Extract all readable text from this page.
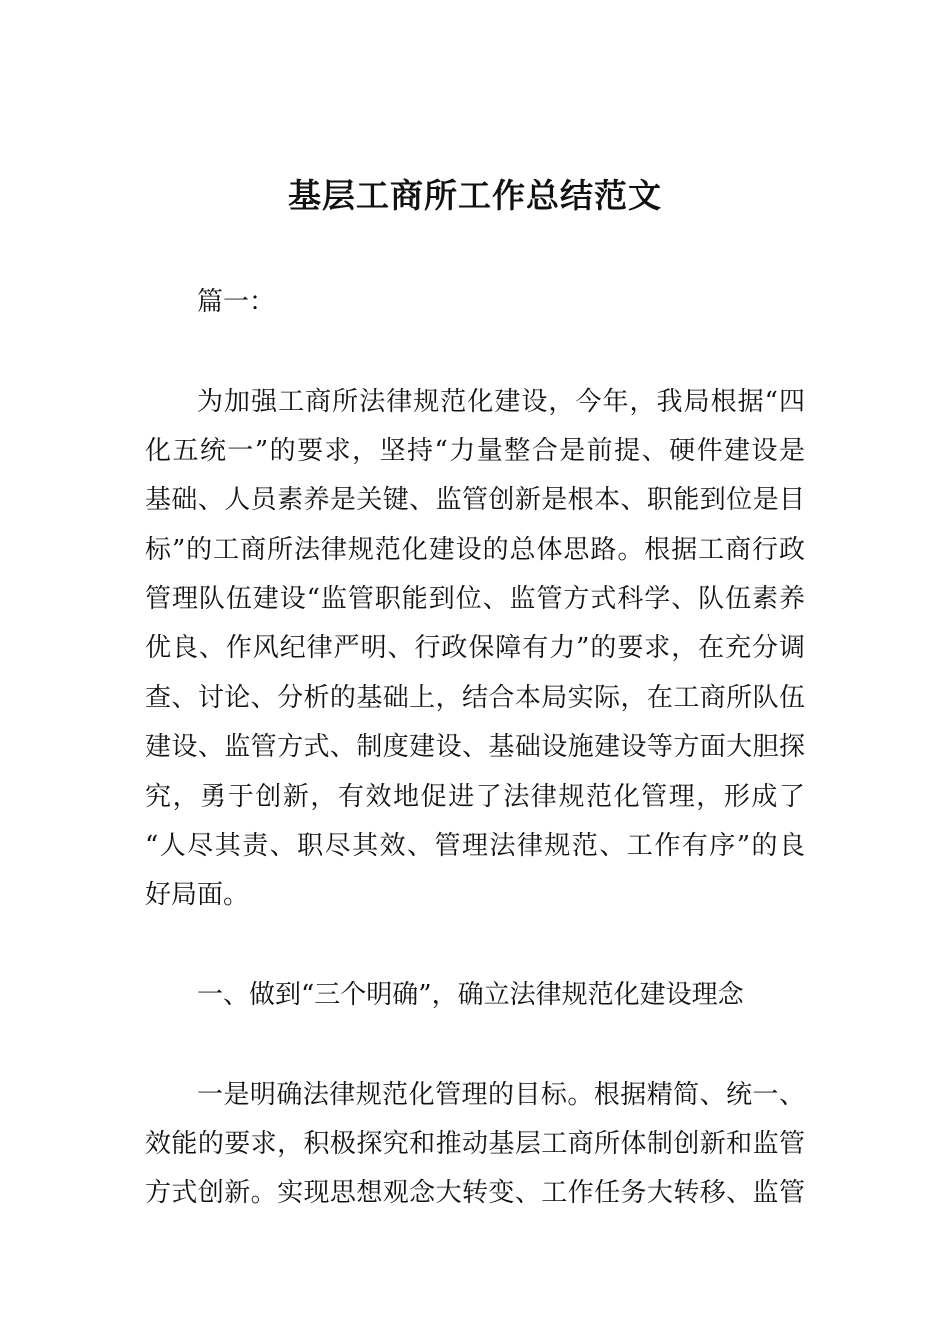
基层工商所工作总结范文
篇一：
为加强工商所法律规范化建设，今年，我局根据“四
化五统一”的要求，坚持“力量整合是前提、硬件建设是
基础、人员素养是关键、监管创新是根本、职能到位是目
标”的工商所法律规范化建设的总体思路。根据工商行政
管理队伍建设“监管职能到位、监管方式科学、队伍素养
优良、作风纪律严明、行政保障有力”的要求，在充分调
查、讨论、分析的基础上，结合本局实际，在工商所队伍
建设、监管方式、制度建设、基础设施建设等方面大胆探
究，勇于创新，有效地促进了法律规范化管理，形成了
“人尽其责、职尽其效、管理法律规范、工作有序”的良
好局面。
一、做到“三个明确”，确立法律规范化建设理念
一是明确法律规范化管理的目标。根据精简、统一、
效能的要求，积极探究和推动基层工商所体制创新和监管
方式创新。实现思想观念大转变、工作任务大转移、监管
